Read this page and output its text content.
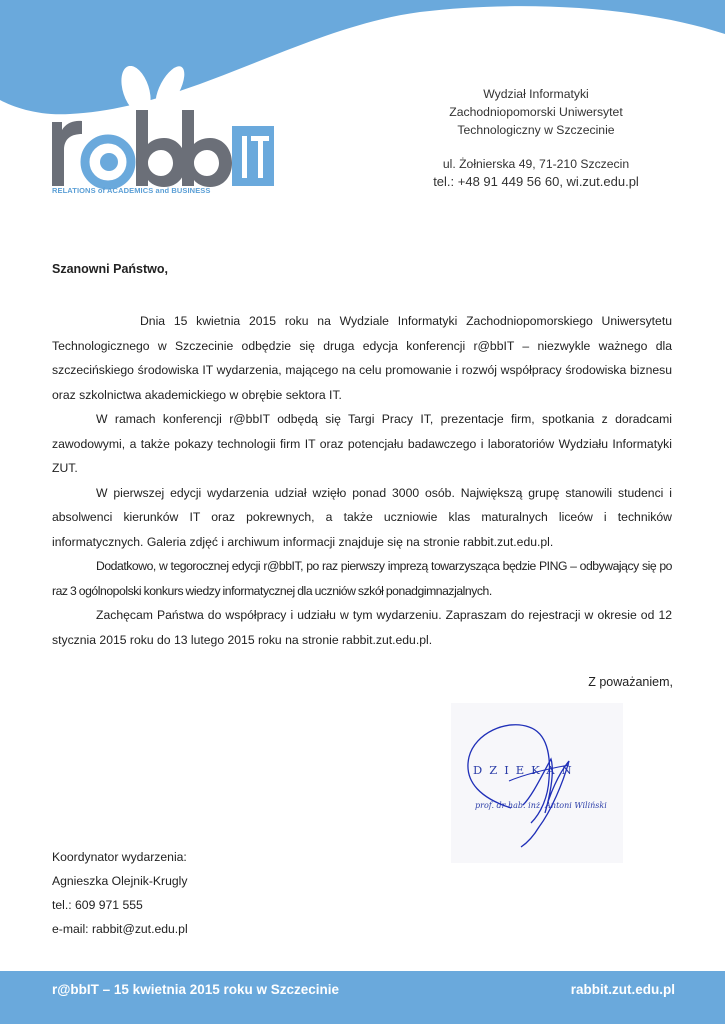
RELATIONS of ACADEMICS and BUSINESS
Wydział Informatyki
Zachodniopomorski Uniwersytet
Technologiczny w Szczecinie
ul. Żołnierska 49, 71-210 Szczecin
tel.: +48 91 449 56 60, wi.zut.edu.pl
Szanowni Państwo,

Dnia 15 kwietnia 2015 roku na Wydziale Informatyki Zachodniopomorskiego Uniwersytetu Technologicznego w Szczecinie odbędzie się druga edycja konferencji r@bbIT – niezwykle ważnego dla szczecińskiego środowiska IT wydarzenia, mającego na celu promowanie i rozwój współpracy środowiska biznesu oraz szkolnictwa akademickiego w obrębie sektora IT.

W ramach konferencji r@bbIT odbędą się Targi Pracy IT, prezentacje firm, spotkania z doradcami zawodowymi, a także pokazy technologii firm IT oraz potencjału badawczego i laboratoriów Wydziału Informatyki ZUT.

W pierwszej edycji wydarzenia udział wzięło ponad 3000 osób. Największą grupę stanowili studenci i absolwenci kierunków IT oraz pokrewnych, a także uczniowie klas maturalnych liceów i techników informatycznych. Galeria zdjęć i archiwum informacji znajduje się na stronie rabbit.zut.edu.pl.

Dodatkowo, w tegorocznej edycji r@bbIT, po raz pierwszy imprezą towarzysząca będzie PING – odbywający się po raz 3 ogólnopolski konkurs wiedzy informatycznej dla uczniów szkół ponadgimnazjalnych.

Zachęcam Państwa do współpracy i udziału w tym wydarzeniu. Zapraszam do rejestracji w okresie od 12 stycznia 2015 roku do 13 lutego 2015 roku na stronie rabbit.zut.edu.pl.

Z poważaniem,
DZIEKAN
prof. dr hab. inż. Antoni Wiliński
Koordynator wydarzenia:
Agnieszka Olejnik-Kruglу
tel.: 609 971 555
e-mail: rabbit@zut.edu.pl
r@bbIT – 15 kwietnia 2015 roku w Szczecinie	rabbit.zut.edu.pl
